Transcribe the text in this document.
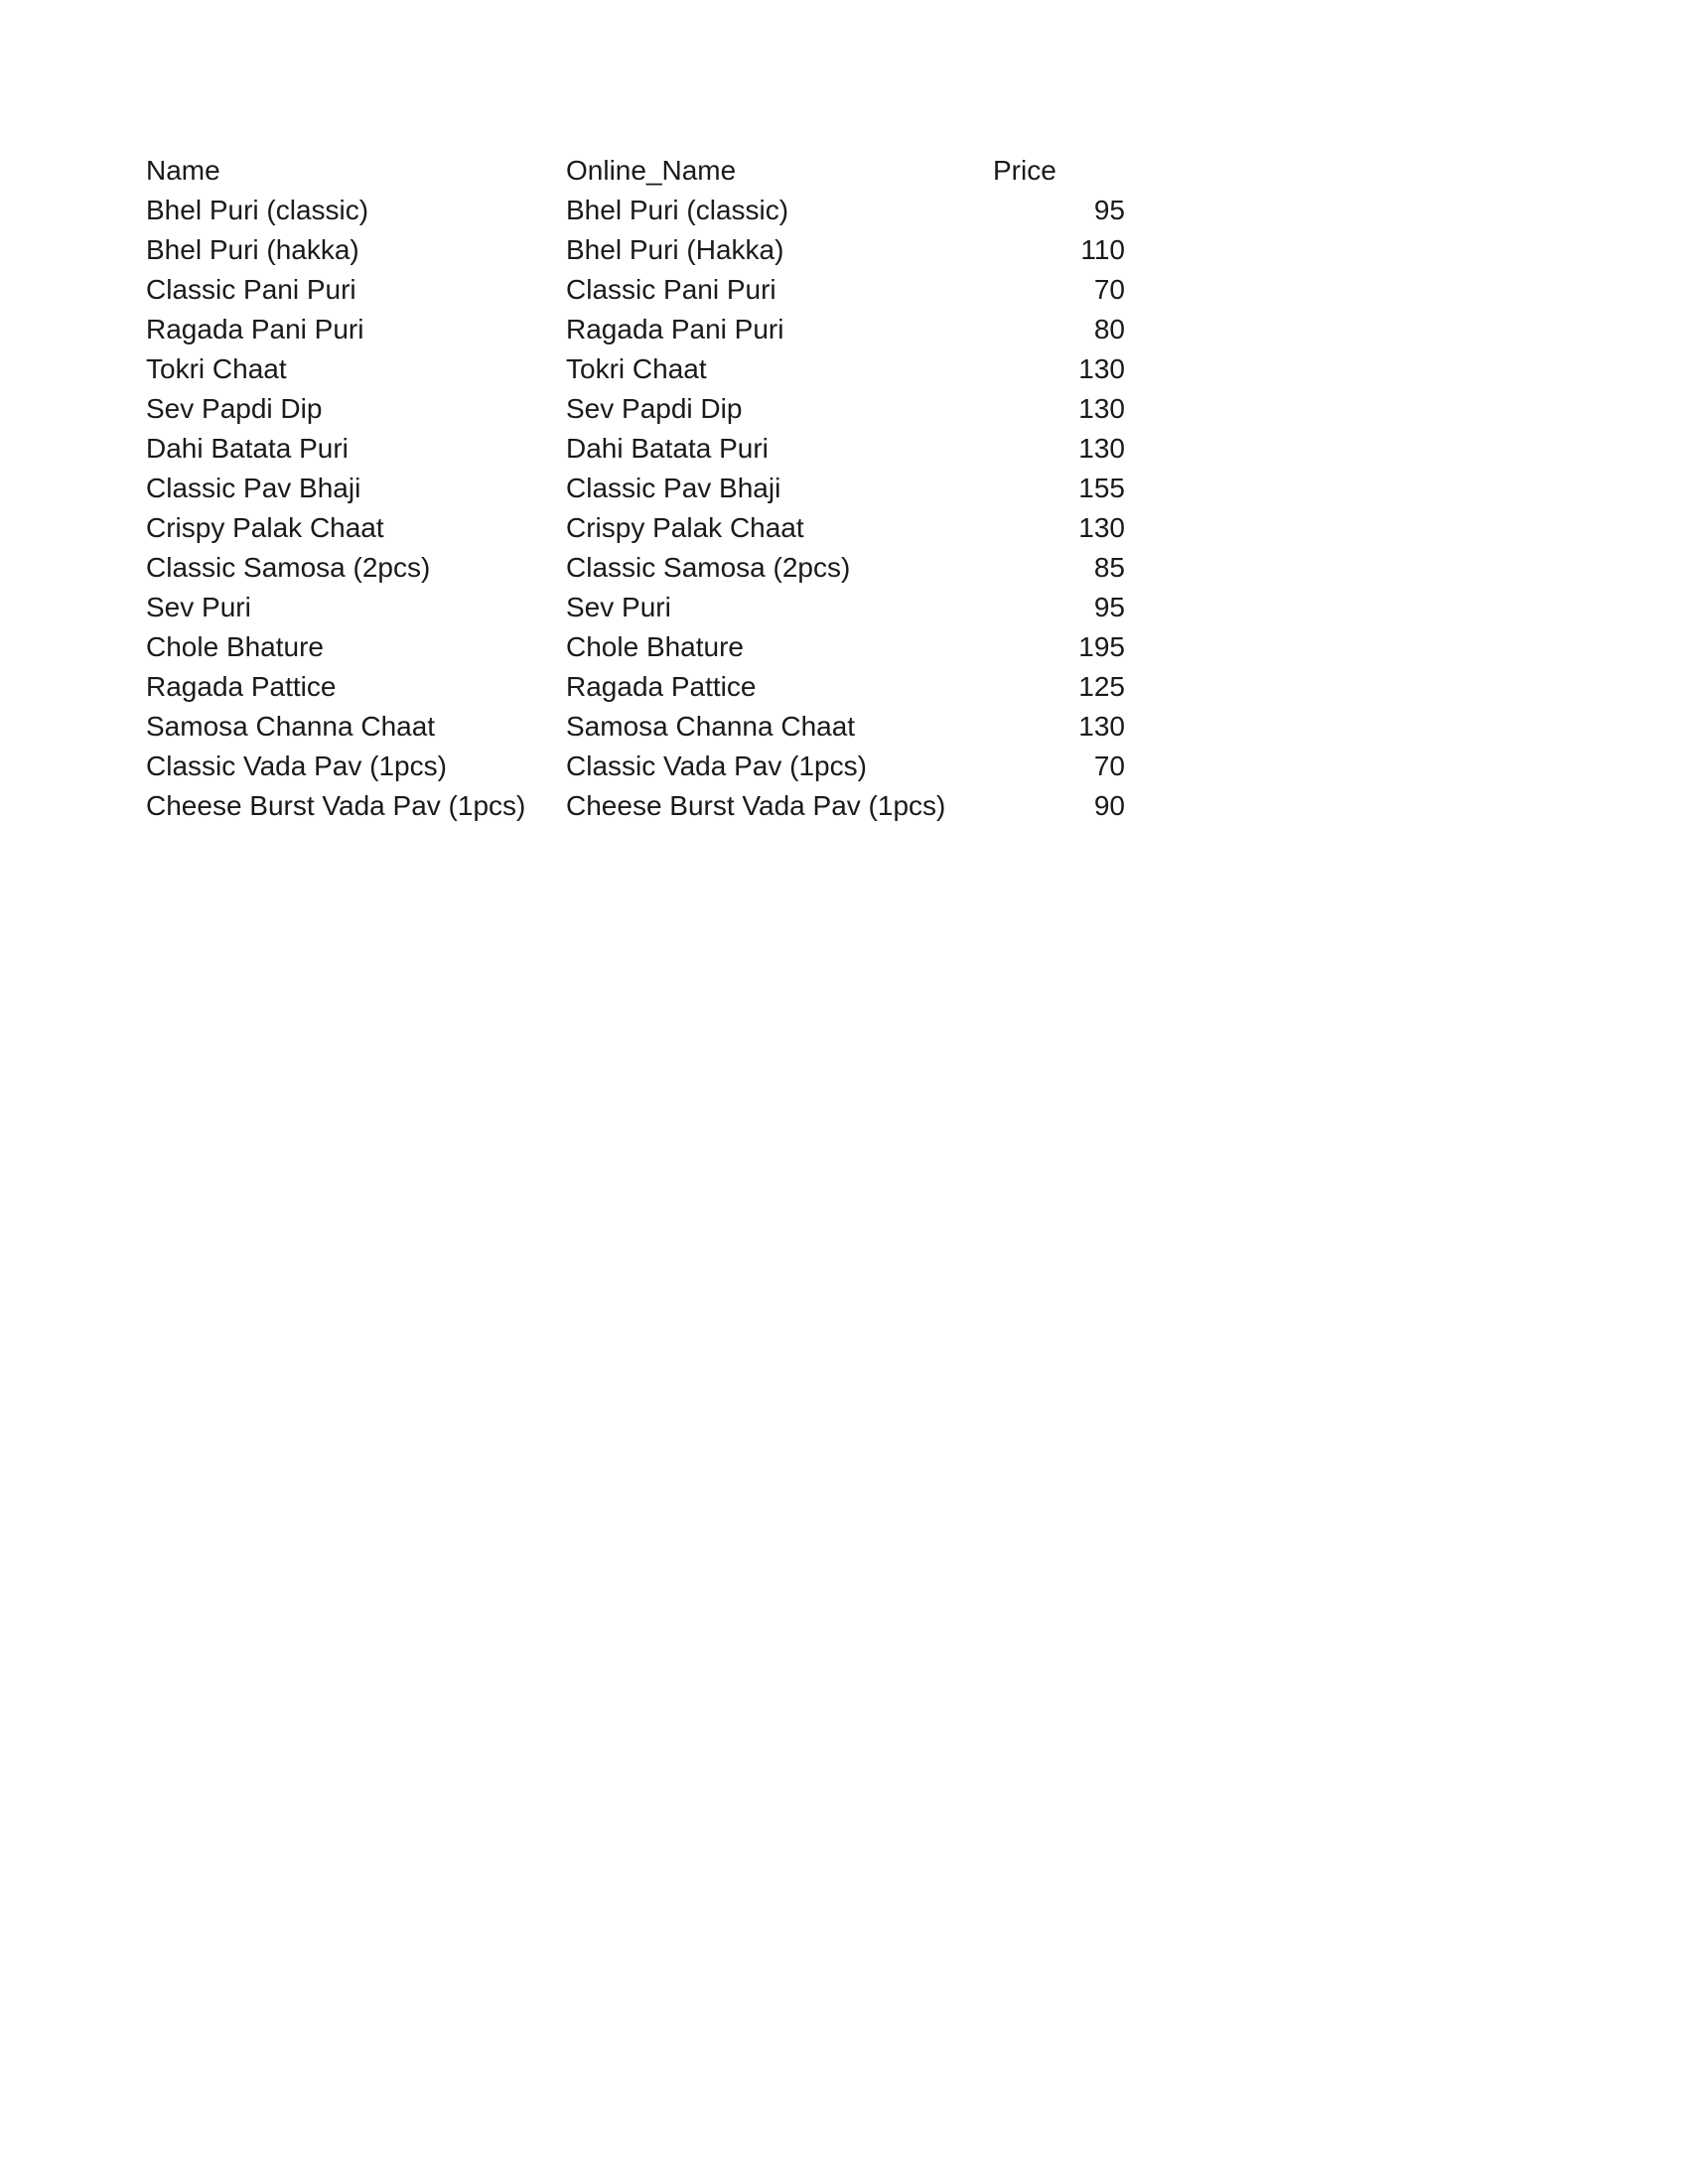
Name	Online_Name	Price
Bhel Puri (classic)	Bhel Puri (classic)	95
Bhel Puri (hakka)	Bhel Puri (Hakka)	110
Classic Pani Puri	Classic Pani Puri	70
Ragada Pani Puri	Ragada Pani Puri	80
Tokri Chaat	Tokri Chaat	130
Sev Papdi Dip	Sev Papdi Dip	130
Dahi Batata Puri	Dahi Batata Puri	130
Classic Pav Bhaji	Classic Pav Bhaji	155
Crispy Palak Chaat	Crispy Palak Chaat	130
Classic Samosa (2pcs)	Classic Samosa (2pcs)	85
Sev Puri	Sev Puri	95
Chole Bhature	Chole Bhature	195
Ragada Pattice	Ragada Pattice	125
Samosa Channa Chaat	Samosa Channa Chaat	130
Classic Vada Pav (1pcs)	Classic Vada Pav (1pcs)	70
Cheese Burst Vada Pav (1pcs)	Cheese Burst Vada Pav (1pcs)	90
